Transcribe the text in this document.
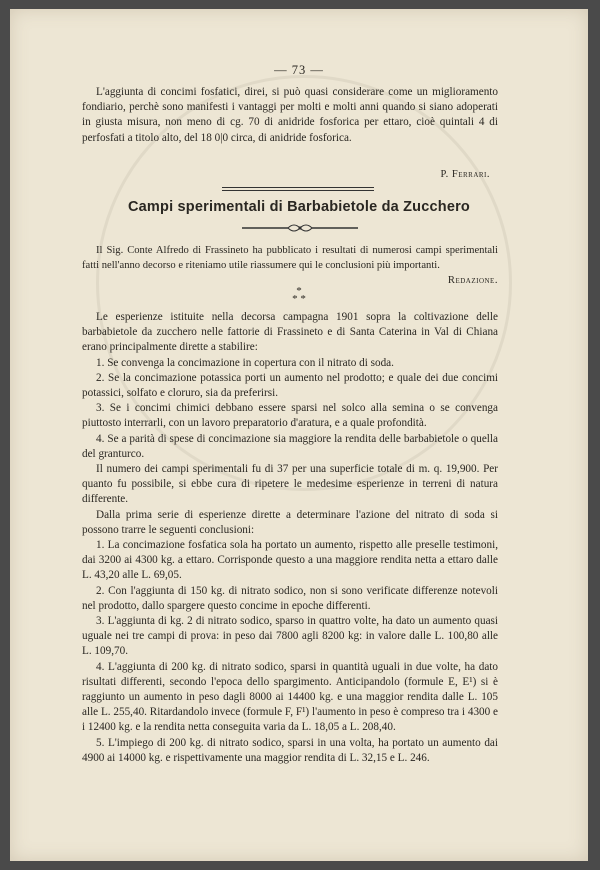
— 73 —

L'aggiunta di concimi fosfatici, direi, si può quasi considerare come un miglioramento fondiario, perchè sono manifesti i vantaggi per molti e molti anni quando si siano adoperati in giusta misura, non meno di cg. 70 di anidride fosforica per ettaro, cioè quintali 4 di perfosfati a titolo alto, del 18 0|0 circa, di anidride fosforica.

P. Ferrari.
Campi sperimentali di Barbabietole da Zucchero
Il Sig. Conte Alfredo di Frassineto ha pubblicato i resultati di numerosi campi sperimentali fatti nell'anno decorso e riteniamo utile riassumere qui le conclusioni più importanti.
Redazione.
*
* *

Le esperienze istituite nella decorsa campagna 1901 sopra la coltivazione delle barbabietole da zucchero nelle fattorie di Frassineto e di Santa Caterina in Val di Chiana erano principalmente dirette a stabilire:

1. Se convenga la concimazione in copertura con il nitrato di soda.

2. Se la concimazione potassica porti un aumento nel prodotto; e quale dei due concimi potassici, solfato e cloruro, sia da preferirsi.

3. Se i concimi chimici debbano essere sparsi nel solco alla semina o se convenga piuttosto interrarli, con un lavoro preparatorio d'aratura, e a quale profondità.

4. Se a parità di spese di concimazione sia maggiore la rendita delle barbabietole o quella del granturco.

Il numero dei campi sperimentali fu di 37 per una superficie totale di m. q. 19,900. Per quanto fu possibile, si ebbe cura di ripetere le medesime esperienze in terreni di natura differente.

Dalla prima serie di esperienze dirette a determinare l'azione del nitrato di soda si possono trarre le seguenti conclusioni:

1. La concimazione fosfatica sola ha portato un aumento, rispetto alle preselle testimoni, dai 3200 ai 4300 kg. a ettaro. Corrisponde questo a una maggiore rendita netta a ettaro dalle L. 43,20 alle L. 69,05.

2. Con l'aggiunta di 150 kg. di nitrato sodico, non si sono verificate differenze notevoli nel prodotto, dallo spargere questo concime in epoche differenti.

3. L'aggiunta di kg. 2 di nitrato sodico, sparso in quattro volte, ha dato un aumento quasi uguale nei tre campi di prova: in peso dai 7800 agli 8200 kg: in valore dalle L. 100,80 alle L. 109,70.

4. L'aggiunta di 200 kg. di nitrato sodico, sparsi in quantità uguali in due volte, ha dato risultati differenti, secondo l'epoca dello spargimento. Anticipandolo (formule E, E¹) si è raggiunto un aumento in peso dagli 8000 ai 14400 kg. e una maggior rendita dalle L. 105 alle L. 255,40. Ritardandolo invece (formule F, F¹) l'aumento in peso è compreso tra i 4300 e i 12400 kg. e la rendita netta conseguita varia da L. 18,05 a L. 208,40.

5. L'impiego di 200 kg. di nitrato sodico, sparsi in una volta, ha portato un aumento dai 4900 ai 14000 kg. e rispettivamente una maggior rendita di L. 32,15 e L. 246.
